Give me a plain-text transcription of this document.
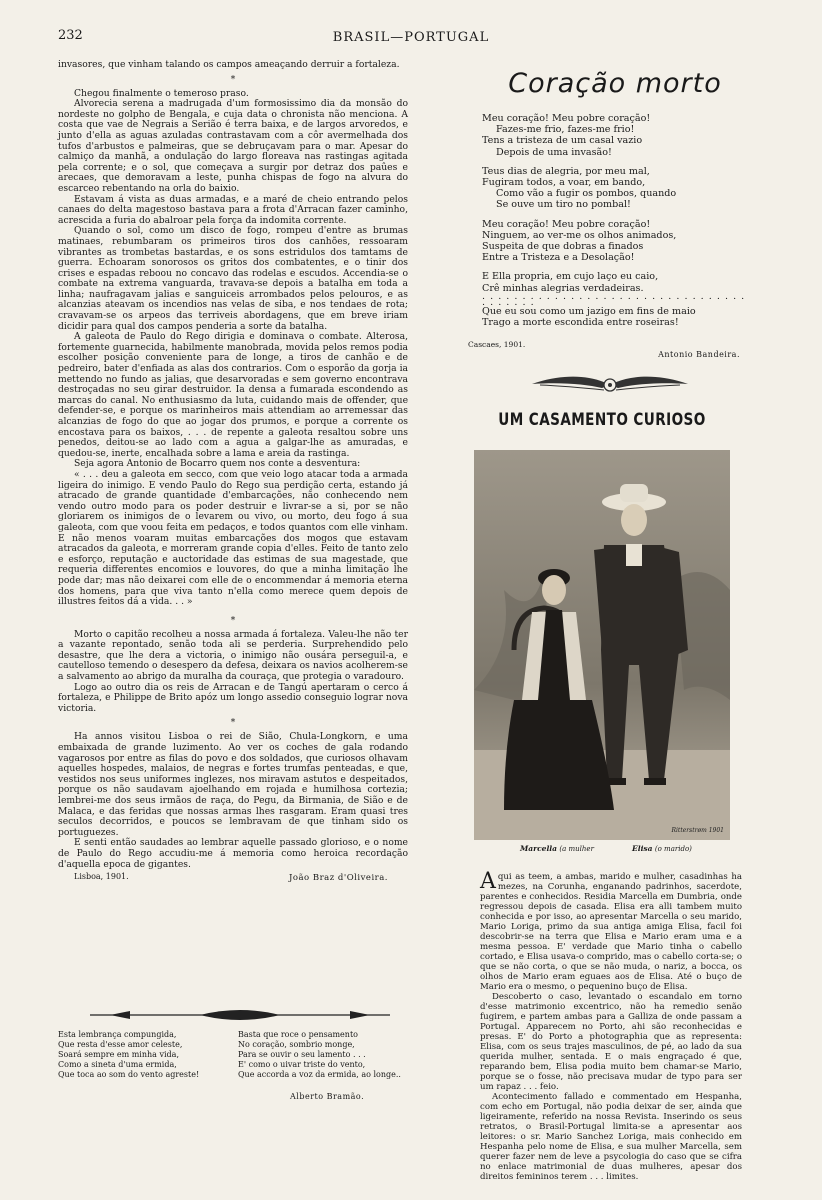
232	BRASIL—PORTUGAL

invasores, que vinham talando os campos ameaçando derruir a fortaleza.

*

Chegou finalmente o temeroso praso.

Alvorecia serena a madrugada d'um formosissimo dia da monsão do nordeste no golpho de Bengala, e cuja data o chronista não menciona. A costa que vae de Negrais a Serião é terra baixa, e de largos arvoredos, e junto d'ella as aguas azuladas contrastavam com a côr avermelhada dos tufos d'arbustos e palmeiras, que se debruçavam para o mar. Apesar do calmiço da manhã, a ondulação do largo floreava nas rastingas agitada pela corrente; e o sol, que começava a surgir por detraz dos paûes e arecaes, que demoravam a leste, punha chispas de fogo na alvura do escarceo rebentando na orla do baixio.

Estavam á vista as duas armadas, e a maré de cheio entrando pelos canaes do delta magestoso bastava para a frota d'Arracan fazer caminho, acrescida a furia do abalroar pela força da indomita corrente.

Quando o sol, como um disco de fogo, rompeu d'entre as brumas matinaes, rebumbaram os primeiros tiros dos canhões, ressoaram vibrantes as trombetas bastardas, e os sons estridulos dos tamtams de guerra. Echoaram sonorosos os gritos dos combatentes, e o tinir dos crises e espadas reboou no concavo das rodelas e escudos. Accendia-se o combate na extrema vanguarda, travava-se depois a batalha em toda a linha; naufragavam jalias e sanguiceis arrombados pelos pelouros, e as alcanzias ateavam os incendios nas velas de siba, e nos tendaes de rota; cravavam-se os arpeos das terriveis abordagens, que em breve iriam dicidir para qual dos campos penderia a sorte da batalha.

A galeota de Paulo do Rego dirigia e dominava o combate. Alterosa, fortemente guarnecida, habilmente manobrada, movida pelos remos podia escolher posição conveniente para de longe, a tiros de canhão e de pedreiro, bater d'enfiada as alas dos contrarios. Com o esporão da gorja ia mettendo no fundo as jalias, que desarvoradas e sem governo encontrava destroçadas no seu girar destruidor. Ia densa a fumarada escondendo as marcas do canal. No enthusiasmo da luta, cuidando mais de offender, que defender-se, e porque os marinheiros mais attendiam ao arremessar das alcanzias de fogo do que ao jogar dos prumos, e porque a corrente os encostava para os baixos, . . . de repente a galeota resaltou sobre uns penedos, deitou-se ao lado com a agua a galgar-lhe as amuradas, e quedou-se, inerte, encalhada sobre a lama e areia da rastinga.

Seja agora Antonio de Bocarro quem nos conte a desventura:

« . . . deu a galeota em secco, com que veio logo atacar toda a armada ligeira do inimigo. E vendo Paulo do Rego sua perdição certa, estando já atracado de grande quantidade d'embarcações, não conhecendo nem vendo outro modo para os poder destruir e livrar-se a si, por se não gloriarem os inimigos de o levarem ou vivo, ou morto, deu fogo á sua galeota, com que voou feita em pedaços, e todos quantos com elle vinham. E não menos voaram muitas embarcações dos mogos que estavam atracados da galeota, e morreram grande copia d'elles. Feito de tanto zelo e esforço, reputação e auctoridade das estimas de sua magestade, que requeria differentes encomios e louvores, do que a minha limitação lhe pode dar; mas não deixarei com elle de o encommendar á memoria eterna dos homens, para que viva tanto n'ella como merece quem depois de illustres feitos dá a vida. . . »

*

Morto o capitão recolheu a nossa armada á fortaleza. Valeu-lhe não ter a vazante repontado, senão toda ali se perderia. Surprehendido pelo desastre, que lhe dera a victoria, o inimigo não ousára perseguil-a, e cautelloso temendo o desespero da defesa, deixara os navios acolherem-se a salvamento ao abrigo da muralha da couraça, que protegia o varadouro.

Logo ao outro dia os reis de Arracan e de Tangú apertaram o cerco á fortaleza, e Philippe de Brito apóz um longo assedio conseguio lograr nova victoria.

*

Ha annos visitou Lisboa o rei de Sião, Chula-Longkorn, e uma embaixada de grande luzimento. Ao ver os coches de gala rodando vagarosos por entre as filas do povo e dos soldados, que curiosos olhavam aquelles hospedes, malaios, de negras e fortes trumfas penteadas, e que, vestidos nos seus uniformes inglezes, nos miravam astutos e despeitados, porque os não saudavam ajoelhando em rojada e humilhosa cortezia; lembrei-me dos seus irmãos de raça, do Pegu, da Birmania, de Sião e de Malaca, e das feridas que nossas armas lhes rasgaram. Eram quasi tres seculos decorridos, e poucos se lembravam de que tinham sido os portuguezes.

E senti então saudades ao lembrar aquelle passado glorioso, e o nome de Paulo do Rego accudiu-me á memoria como heroica recordação d'aquella epoca de gigantes.

Lisboa, 1901.	João Braz d'Oliveira.
Esta lembrança compungida,
Que resta d'esse amor celeste,
Soará sempre em minha vida,
Como a sineta d'uma ermida,
Que toca ao som do vento agreste!
Basta que roce o pensamento
No coração, sombrio monge,
Para se ouvir o seu lamento . . .
E' como o uivar triste do vento,
Que accorda a voz da ermida, ao longe..
Alberto Bramão.
Coração morto
Meu coração! Meu pobre coração!
Fazes-me frio, fazes-me frio!
Tens a tristeza de um casal vazio
Depois de uma invasão!
Teus dias de alegria, por meu mal,
Fugiram todos, a voar, em bando,
Como vão a fugir os pombos, quando
Se ouve um tiro no pombal!
Meu coração! Meu pobre coração!
Ninguem, ao ver-me os olhos animados,
Suspeita de que dobras a finados
Entre a Tristeza e a Desolação!
E Ella propria, em cujo laço eu caio,
Crê minhas alegrias verdadeiras.
. . . . . . . . . . . . . . . . . . . . . . . . . . . . . . . . . . . . . . . .
Que eu sou como um jazigo em fins de maio
Trago a morte escondida entre roseiras!
Cascaes, 1901.
Antonio Bandeira.
UM CASAMENTO CURIOSO
Ritterstrøm 1901
Marcella (a mulher	Elisa (o marido)

Aqui as teem, a ambas, marido e mulher, casadinhas ha mezes, na Corunha, enganando padrinhos, sacerdote, parentes e conhecidos. Residia Marcella em Dumbria, onde regressou depois de casada. Elisa era alli tambem muito conhecida e por isso, ao apresentar Marcella o seu marido, Mario Loriga, primo da sua antiga amiga Elisa, facil foi descobrir-se na terra que Elisa e Mario eram uma e a mesma pessoa. E' verdade que Mario tinha o cabello cortado, e Elisa usava-o comprido, mas o cabello corta-se; o que se não corta, o que se não muda, o nariz, a bocca, os olhos de Mario eram eguaes aos de Elisa. Até o buço de Mario era o mesmo, o pequenino buço de Elisa.

Descoberto o caso, levantado o escandalo em torno d'esse matrimonio excentrico, não ha remedio senão fugirem, e partem ambas para a Galliza de onde passam a Portugal. Apparecem no Porto, ahi são reconhecidas e presas. E' do Porto a photographia que as representa: Elisa, com os seus trajes masculinos, de pé, ao lado da sua querida mulher, sentada. E o mais engraçado é que, reparando bem, Elisa podia muito bem chamar-se Mario, porque se o fosse, não precisava mudar de typo para ser um rapaz . . . feio.

Acontecimento fallado e commentado em Hespanha, com echo em Portugal, não podia deixar de ser, ainda que ligeiramente, referido na nossa Revista. Inserindo os seus retratos, o Brasil-Portugal limita-se a apresentar aos leitores: o sr. Mario Sanchez Loriga, mais conhecido em Hespanha pelo nome de Elisa, e sua mulher Marcella, sem querer fazer nem de leve a psycologia do caso que se cifra no enlace matrimonial de duas mulheres, apesar dos direitos femininos terem . . . limites.
